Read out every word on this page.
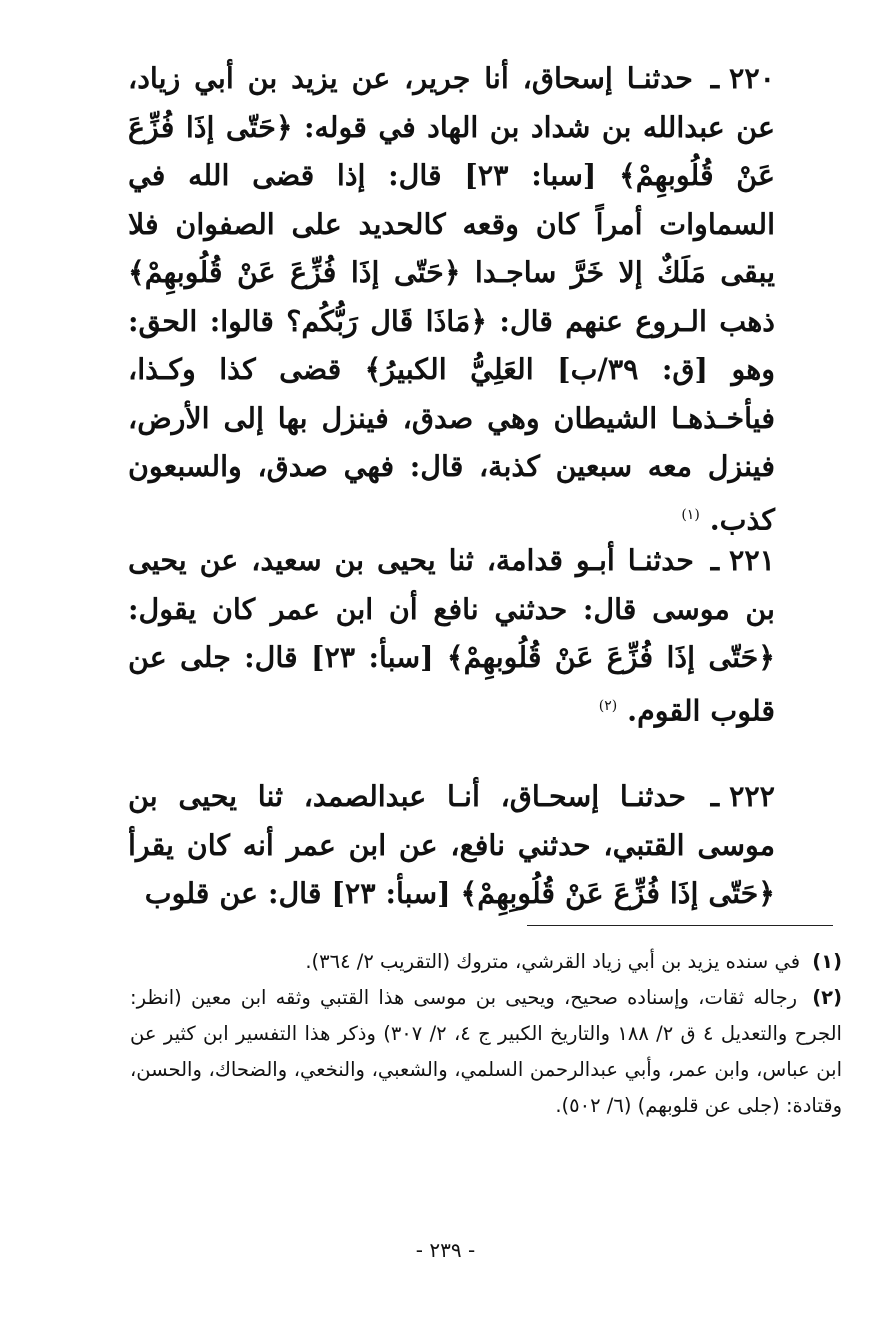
٢٢٠ ـ حدثنـا إسحاق، أنا جرير، عن يزيد بن أبي زياد، عن عبدالله بن شداد بن الهاد في قوله: ﴿حَتّى إذَا فُزِّعَ عَنْ قُلُوبهِمْ﴾ [سبا: ٢٣] قال: إذا قضى الله في السماوات أمراً كان وقعه كالحديد على الصفوان فلا يبقى مَلَكٌ إلا خَرَّ ساجـدا ﴿حَتّى إذَا فُزِّعَ عَنْ قُلُوبهِمْ﴾ ذهب الـروع عنهم قال: ﴿مَاذَا قَال رَبُّكُم؟ قالوا: الحق: وهو [ق: ٣٩/ب] العَلِيُّ الكبيرُ﴾ قضى كذا وكـذا، فيأخـذهـا الشيطان وهي صدق، فينزل بها إلى الأرض، فينزل معه سبعين كذبة، قال: فهي صدق، والسبعون كذب. $^{(١)}$
٢٢١ ـ حدثنـا أبـو قدامة، ثنا يحيى بن سعيد، عن يحيى بن موسى قال: حدثني نافع أن ابن عمر كان يقول: ﴿حَتّى إذَا فُزِّعَ عَنْ قُلُوبهِمْ﴾ [سبأ: ٢٣] قال: جلى عن قلوب القوم. $^{(٢)}$
٢٢٢ ـ حدثنـا إسحـاق، أنـا عبدالصمد، ثنا يحيى بن موسى القتبي، حدثني نافع، عن ابن عمر أنه كان يقرأ ﴿حَتّى إذَا فُزِّعَ عَنْ قُلُوبِهِمْ﴾ [سبأ: ٢٣] قال: عن قلوب

(١) في سنده يزيد بن أبي زياد القرشي، متروك (التقريب ٢/ ٣٦٤).

(٢) رجاله ثقات، وإسناده صحيح، ويحيى بن موسى هذا القتبي وثقه ابن معين (انظر: الجرح والتعديل ٤ ق ٢/ ١٨٨ والتاريخ الكبير ج ٤، ٢/ ٣٠٧) وذكر هذا التفسير ابن كثير عن ابن عباس، وابن عمر، وأبي عبدالرحمن السلمي، والشعبي، والنخعي، والضحاك، والحسن، وقتادة: (جلى عن قلوبهم) (٦/ ٥٠٢).

- ٢٣٩ -
